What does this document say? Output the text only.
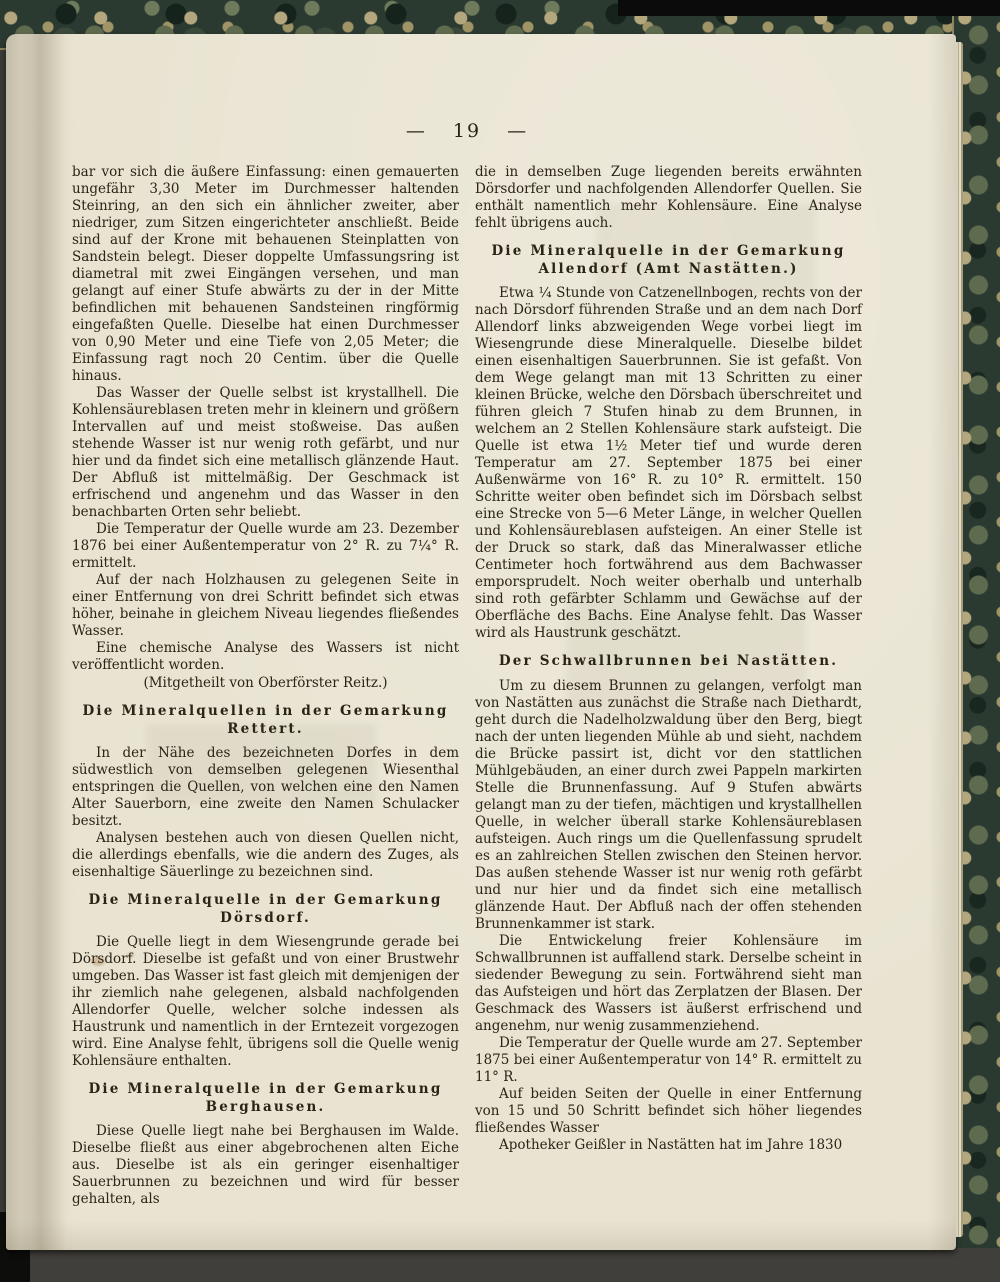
— 19 —

bar vor sich die äußere Einfassung: einen gemauerten ungefähr 3,30 Meter im Durchmesser haltenden Steinring, an den sich ein ähnlicher zweiter, aber niedriger, zum Sitzen eingerichteter anschließt. Beide sind auf der Krone mit behauenen Steinplatten von Sandstein belegt. Dieser doppelte Umfassungsring ist diametral mit zwei Eingängen versehen, und man gelangt auf einer Stufe abwärts zu der in der Mitte befindlichen mit behauenen Sandsteinen ringförmig eingefaßten Quelle. Dieselbe hat einen Durchmesser von 0,90 Meter und eine Tiefe von 2,05 Meter; die Einfassung ragt noch 20 Centim. über die Quelle hinaus.

Das Wasser der Quelle selbst ist krystallhell. Die Kohlensäureblasen treten mehr in kleinern und größern Intervallen auf und meist stoßweise. Das außen stehende Wasser ist nur wenig roth gefärbt, und nur hier und da findet sich eine metallisch glänzende Haut. Der Abfluß ist mittelmäßig. Der Geschmack ist erfrischend und angenehm und das Wasser in den benachbarten Orten sehr beliebt.

Die Temperatur der Quelle wurde am 23. Dezember 1876 bei einer Außentemperatur von 2° R. zu 7¼° R. ermittelt.

Auf der nach Holzhausen zu gelegenen Seite in einer Entfernung von drei Schritt befindet sich etwas höher, beinahe in gleichem Niveau liegendes fließendes Wasser.

Eine chemische Analyse des Wassers ist nicht veröffentlicht worden.

(Mitgetheilt von Oberförster Reitz.)

Die Mineralquellen in der Gemarkung Rettert.

In der Nähe des bezeichneten Dorfes in dem südwestlich von demselben gelegenen Wiesenthal entspringen die Quellen, von welchen eine den Namen Alter Sauerborn, eine zweite den Namen Schulacker besitzt.

Analysen bestehen auch von diesen Quellen nicht, die allerdings ebenfalls, wie die andern des Zuges, als eisenhaltige Säuerlinge zu bezeichnen sind.

Die Mineralquelle in der Gemarkung Dörsdorf.

Die Quelle liegt in dem Wiesengrunde gerade bei Dörsdorf. Dieselbe ist gefaßt und von einer Brustwehr umgeben. Das Wasser ist fast gleich mit demjenigen der ihr ziemlich nahe gelegenen, alsbald nachfolgenden Allendorfer Quelle, welcher solche indessen als Haustrunk und namentlich in der Erntezeit vorgezogen wird. Eine Analyse fehlt, übrigens soll die Quelle wenig Kohlensäure enthalten.

Die Mineralquelle in der Gemarkung Berghausen.

Diese Quelle liegt nahe bei Berghausen im Walde. Dieselbe fließt aus einer abgebrochenen alten Eiche aus. Dieselbe ist als ein geringer eisenhaltiger Sauerbrunnen zu bezeichnen und wird für besser gehalten, als

die in demselben Zuge liegenden bereits erwähnten Dörsdorfer und nachfolgenden Allendorfer Quellen. Sie enthält namentlich mehr Kohlensäure. Eine Analyse fehlt übrigens auch.

Die Mineralquelle in der Gemarkung Allendorf (Amt Nastätten.)

Etwa ¼ Stunde von Catzenellnbogen, rechts von der nach Dörsdorf führenden Straße und an dem nach Dorf Allendorf links abzweigenden Wege vorbei liegt im Wiesengrunde diese Mineralquelle. Dieselbe bildet einen eisenhaltigen Sauerbrunnen. Sie ist gefaßt. Von dem Wege gelangt man mit 13 Schritten zu einer kleinen Brücke, welche den Dörsbach überschreitet und führen gleich 7 Stufen hinab zu dem Brunnen, in welchem an 2 Stellen Kohlensäure stark aufsteigt. Die Quelle ist etwa 1½ Meter tief und wurde deren Temperatur am 27. September 1875 bei einer Außenwärme von 16° R. zu 10° R. ermittelt. 150 Schritte weiter oben befindet sich im Dörsbach selbst eine Strecke von 5—6 Meter Länge, in welcher Quellen und Kohlensäureblasen aufsteigen. An einer Stelle ist der Druck so stark, daß das Mineralwasser etliche Centimeter hoch fortwährend aus dem Bachwasser emporsprudelt. Noch weiter oberhalb und unterhalb sind roth gefärbter Schlamm und Gewächse auf der Oberfläche des Bachs. Eine Analyse fehlt. Das Wasser wird als Haustrunk geschätzt.

Der Schwallbrunnen bei Nastätten.

Um zu diesem Brunnen zu gelangen, verfolgt man von Nastätten aus zunächst die Straße nach Diethardt, geht durch die Nadelholzwaldung über den Berg, biegt nach der unten liegenden Mühle ab und sieht, nachdem die Brücke passirt ist, dicht vor den stattlichen Mühlgebäuden, an einer durch zwei Pappeln markirten Stelle die Brunnenfassung. Auf 9 Stufen abwärts gelangt man zu der tiefen, mächtigen und krystallhellen Quelle, in welcher überall starke Kohlensäureblasen aufsteigen. Auch rings um die Quellenfassung sprudelt es an zahlreichen Stellen zwischen den Steinen hervor. Das außen stehende Wasser ist nur wenig roth gefärbt und nur hier und da findet sich eine metallisch glänzende Haut. Der Abfluß nach der offen stehenden Brunnenkammer ist stark.

Die Entwickelung freier Kohlensäure im Schwallbrunnen ist auffallend stark. Derselbe scheint in siedender Bewegung zu sein. Fortwährend sieht man das Aufsteigen und hört das Zerplatzen der Blasen. Der Geschmack des Wassers ist äußerst erfrischend und angenehm, nur wenig zusammenziehend.

Die Temperatur der Quelle wurde am 27. September 1875 bei einer Außentemperatur von 14° R. ermittelt zu 11° R.

Auf beiden Seiten der Quelle in einer Entfernung von 15 und 50 Schritt befindet sich höher liegendes fließendes Wasser

Apotheker Geißler in Nastätten hat im Jahre 1830
